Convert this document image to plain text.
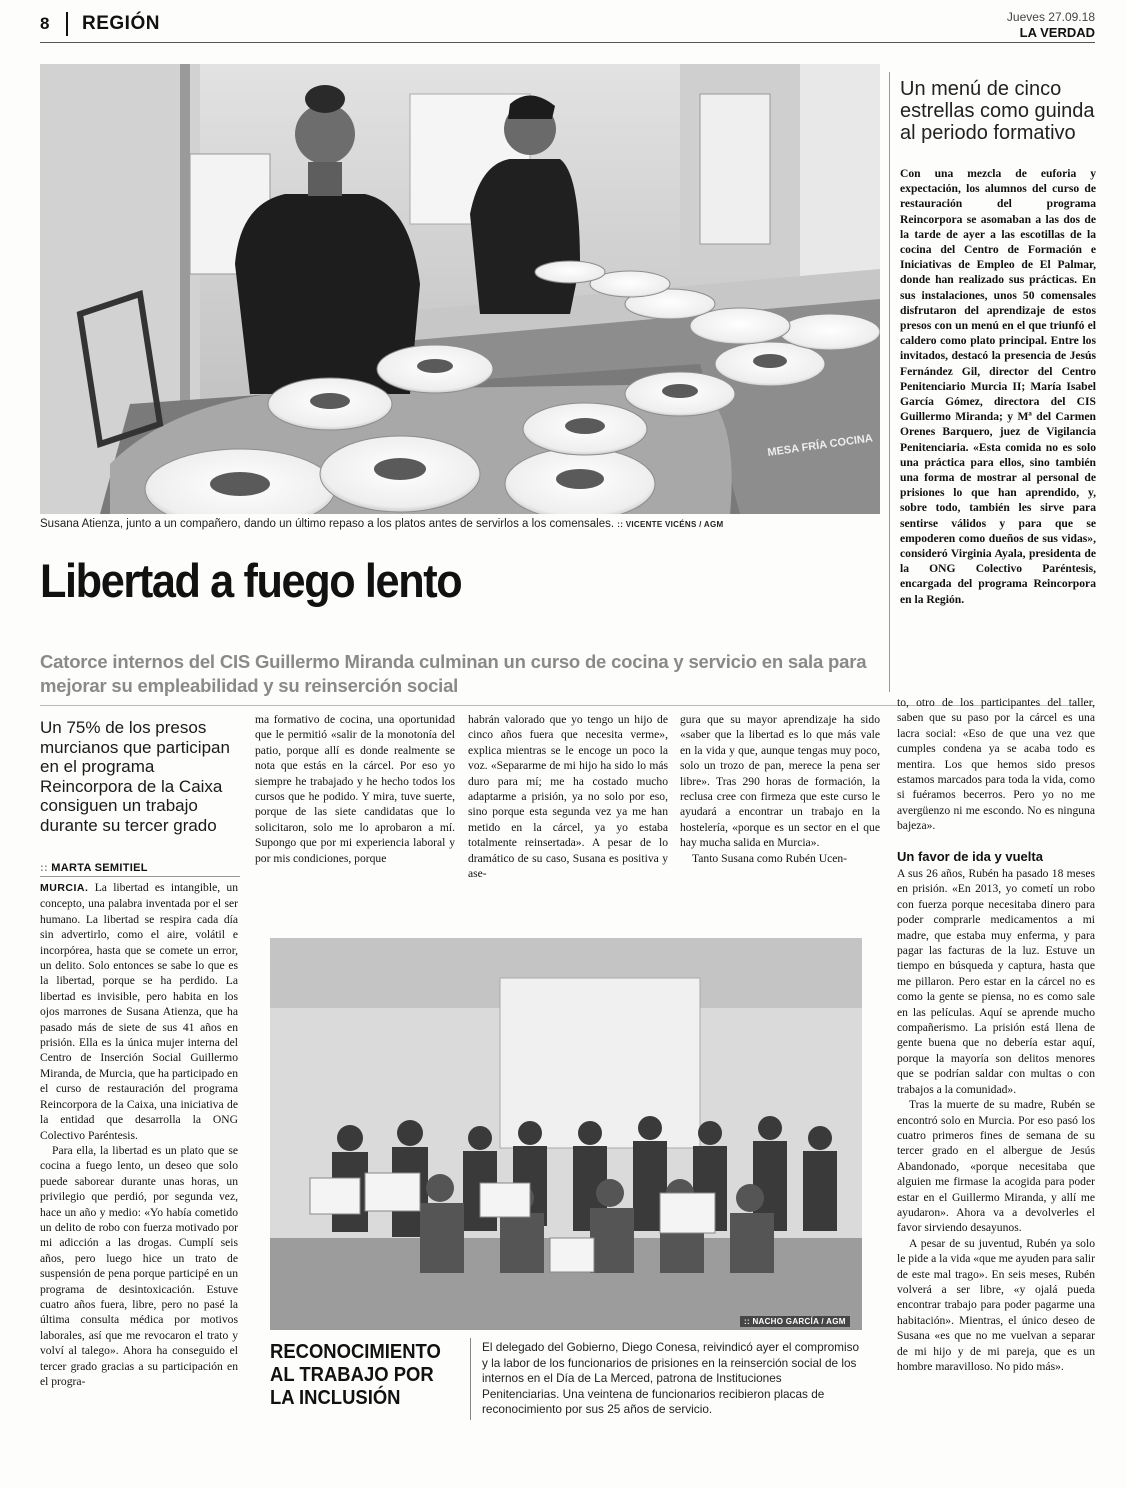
8 REGIÓN	Jueves 27.09.18
LA VERDAD
MESA FRÍA COCINA
Susana Atienza, junto a un compañero, dando un último repaso a los platos antes de servirlos a los comensales. :: VICENTE VICÉNS / AGM
Un menú de cinco estrellas como guinda al periodo formativo
Con una mezcla de euforia y expectación, los alumnos del curso de restauración del programa Reincorpora se asomaban a las dos de la tarde de ayer a las escotillas de la cocina del Centro de Formación e Iniciativas de Empleo de El Palmar, donde han realizado sus prácticas. En sus instalaciones, unos 50 comensales disfrutaron del aprendizaje de estos presos con un menú en el que triunfó el caldero como plato principal. Entre los invitados, destacó la presencia de Jesús Fernández Gil, director del Centro Penitenciario Murcia II; María Isabel García Gómez, directora del CIS Guillermo Miranda; y Mª del Carmen Orenes Barquero, juez de Vigilancia Penitenciaria. «Esta comida no es solo una práctica para ellos, sino también una forma de mostrar al personal de prisiones lo que han aprendido, y, sobre todo, también les sirve para sentirse válidos y para que se empoderen como dueños de sus vidas», consideró Virginia Ayala, presidenta de la ONG Colectivo Paréntesis, encargada del programa Reincorpora en la Región.
Libertad a fuego lento
Catorce internos del CIS Guillermo Miranda culminan un curso de cocina y servicio en sala para mejorar su empleabilidad y su reinserción social
Un 75% de los presos murcianos que participan en el programa Reincorpora de la Caixa consiguen un trabajo durante su tercer grado
:: MARTA SEMITIEL

MURCIA. La libertad es intangible, un concepto, una palabra inventada por el ser humano. La libertad se respira cada día sin advertirlo, como el aire, volátil e incorpórea, hasta que se comete un error, un delito. Solo entonces se sabe lo que es la libertad, porque se ha perdido. La libertad es invisible, pero habita en los ojos marrones de Susana Atienza, que ha pasado más de siete de sus 41 años en prisión. Ella es la única mujer interna del Centro de Inserción Social Guillermo Miranda, de Murcia, que ha participado en el curso de restauración del programa Reincorpora de la Caixa, una iniciativa de la entidad que desarrolla la ONG Colectivo Paréntesis.

Para ella, la libertad es un plato que se cocina a fuego lento, un deseo que solo puede saborear durante unas horas, un privilegio que perdió, por segunda vez, hace un año y medio: «Yo había cometido un delito de robo con fuerza motivado por mi adicción a las drogas. Cumplí seis años, pero luego hice un trato de suspensión de pena porque participé en un programa de desintoxicación. Estuve cuatro años fuera, libre, pero no pasé la última consulta médica por motivos laborales, así que me revocaron el trato y volví al talego». Ahora ha conseguido el tercer grado gracias a su participación en el progra-

ma formativo de cocina, una oportunidad que le permitió «salir de la monotonía del patio, porque allí es donde realmente se nota que estás en la cárcel. Por eso yo siempre he trabajado y he hecho todos los cursos que he podido. Y mira, tuve suerte, porque de las siete candidatas que lo solicitaron, solo me lo aprobaron a mí. Supongo que por mi experiencia laboral y por mis condiciones, porque

habrán valorado que yo tengo un hijo de cinco años fuera que necesita verme», explica mientras se le encoge un poco la voz. «Separarme de mi hijo ha sido lo más duro para mí; me ha costado mucho adaptarme a prisión, ya no solo por eso, sino porque esta segunda vez ya me han metido en la cárcel, ya yo estaba totalmente reinsertada». A pesar de lo dramático de su caso, Susana es positiva y ase-

gura que su mayor aprendizaje ha sido «saber que la libertad es lo que más vale en la vida y que, aunque tengas muy poco, solo un trozo de pan, merece la pena ser libre». Tras 290 horas de formación, la reclusa cree con firmeza que este curso le ayudará a encontrar un trabajo en la hostelería, «porque es un sector en el que hay mucha salida en Murcia».

Tanto Susana como Rubén Ucen-

to, otro de los participantes del taller, saben que su paso por la cárcel es una lacra social: «Eso de que una vez que cumples condena ya se acaba todo es mentira. Los que hemos sido presos estamos marcados para toda la vida, como si fuéramos becerros. Pero yo no me avergüenzo ni me escondo. No es ninguna bajeza».

Un favor de ida y vuelta

A sus 26 años, Rubén ha pasado 18 meses en prisión. «En 2013, yo cometí un robo con fuerza porque necesitaba dinero para poder comprarle medicamentos a mi madre, que estaba muy enferma, y para pagar las facturas de la luz. Estuve un tiempo en búsqueda y captura, hasta que me pillaron. Pero estar en la cárcel no es como la gente se piensa, no es como sale en las películas. Aquí se aprende mucho compañerismo. La prisión está llena de gente buena que no debería estar aquí, porque la mayoría son delitos menores que se podrían saldar con multas o con trabajos a la comunidad».

Tras la muerte de su madre, Rubén se encontró solo en Murcia. Por eso pasó los cuatro primeros fines de semana de su tercer grado en el albergue de Jesús Abandonado, «porque necesitaba que alguien me firmase la acogida para poder estar en el Guillermo Miranda, y allí me ayudaron». Ahora va a devolverles el favor sirviendo desayunos.

A pesar de su juventud, Rubén ya solo le pide a la vida «que me ayuden para salir de este mal trago». En seis meses, Rubén volverá a ser libre, «y ojalá pueda encontrar trabajo para poder pagarme una habitación». Mientras, el único deseo de Susana «es que no me vuelvan a separar de mi hijo y de mi pareja, que es un hombre maravilloso. No pido más».

:: NACHO GARCÍA / AGM
RECONOCIMIENTO AL TRABAJO POR LA INCLUSIÓN
El delegado del Gobierno, Diego Conesa, reivindicó ayer el compromiso y la labor de los funcionarios de prisiones en la reinserción social de los internos en el Día de La Merced, patrona de Instituciones Penitenciarias. Una veintena de funcionarios recibieron placas de reconocimiento por sus 25 años de servicio.
